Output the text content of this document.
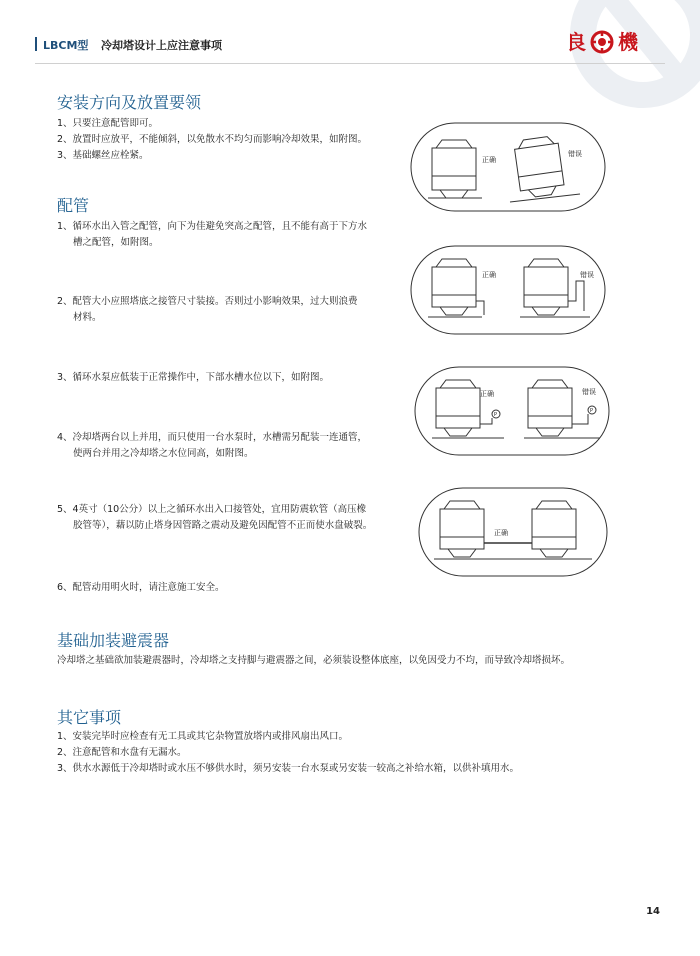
LBCM型 冷却塔设计上应注意事项	良 機
安装方向及放置要领
1、只要注意配管即可。
2、放置时应放平，不能倾斜，以免散水不均匀而影响冷却效果，如附图。
3、基础螺丝应栓紧。
配管
1、循环水出入管之配管，向下为佳避免突高之配管，且不能有高于下方水
槽之配管，如附图。
2、配管大小应照塔底之接管尺寸装接。否则过小影响效果，过大则浪费
材料。
3、循环水泵应低装于正常操作中，下部水槽水位以下，如附图。
4、冷却塔两台以上并用，而只使用一台水泵时，水槽需另配装一连通管，
使两台并用之冷却塔之水位同高，如附图。
5、4英寸（10公分）以上之循环水出入口接管处，宜用防震软管（高压橡
胶管等），藉以防止塔身因管路之震动及避免因配管不正而使水盘破裂。
6、配管动用明火时，请注意施工安全。
基础加装避震器
冷却塔之基础欲加装避震器时，冷却塔之支持脚与避震器之间，必须装设整体底座，以免因受力不均，而导致冷却塔损坏。
其它事项
1、安装完毕时应检查有无工具或其它杂物置放塔内或排风扇出风口。
2、注意配管和水盘有无漏水。
3、供水水源低于冷却塔时或水压不够供水时，须另安装一台水泵或另安装一较高之补给水箱，以供补填用水。
正确
错误
正确	错误
P
正确
P
错误
正确
14
